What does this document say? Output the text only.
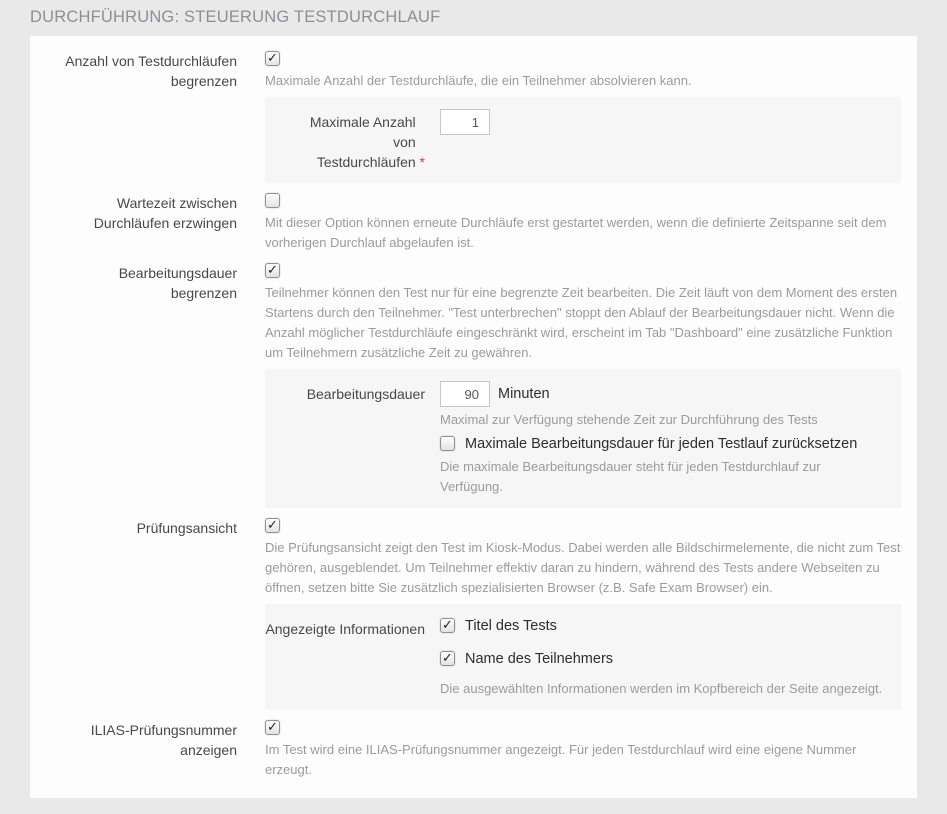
DURCHFÜHRUNG: STEUERUNG TESTDURCHLAUF
Anzahl von Testdurchläufen begrenzen
✓
Maximale Anzahl der Testdurchläufe, die ein Teilnehmer absolvieren kann.
Maximale Anzahl von Testdurchläufen *
1
Wartezeit zwischen Durchläufen erzwingen Mit dieser Option können erneute Durchläufe erst gestartet werden, wenn die definierte Zeitspanne seit dem vorherigen Durchlauf abgelaufen ist.
Bearbeitungsdauer begrenzen
✓
Teilnehmer können den Test nur für eine begrenzte Zeit bearbeiten. Die Zeit läuft von dem Moment des ersten Startens durch den Teilnehmer. "Test unterbrechen" stoppt den Ablauf der Bearbeitungsdauer nicht. Wenn die Anzahl möglicher Testdurchläufe eingeschränkt wird, erscheint im Tab "Dashboard" eine zusätzliche Funktion um Teilnehmern zusätzliche Zeit zu gewähren.
Bearbeitungsdauer
90	Minuten
Maximal zur Verfügung stehende Zeit zur Durchführung des Tests
Maximale Bearbeitungsdauer für jeden Testlauf zurücksetzen
Die maximale Bearbeitungsdauer steht für jeden Testdurchlauf zur Verfügung.
Prüfungsansicht ✓
Die Prüfungsansicht zeigt den Test im Kiosk-Modus. Dabei werden alle Bildschirmelemente, die nicht zum Test gehören, ausgeblendet. Um Teilnehmer effektiv daran zu hindern, während des Tests andere Webseiten zu öffnen, setzen bitte Sie zusätzlich spezialisierten Browser (z.B. Safe Exam Browser) ein.
Angezeigte Informationen ✓ Titel des Tests
✓ Name des Teilnehmers
Die ausgewählten Informationen werden im Kopfbereich der Seite angezeigt.
ILIAS-Prüfungsnummer anzeigen
✓
Im Test wird eine ILIAS-Prüfungsnummer angezeigt. Für jeden Testdurchlauf wird eine eigene Nummer erzeugt.
